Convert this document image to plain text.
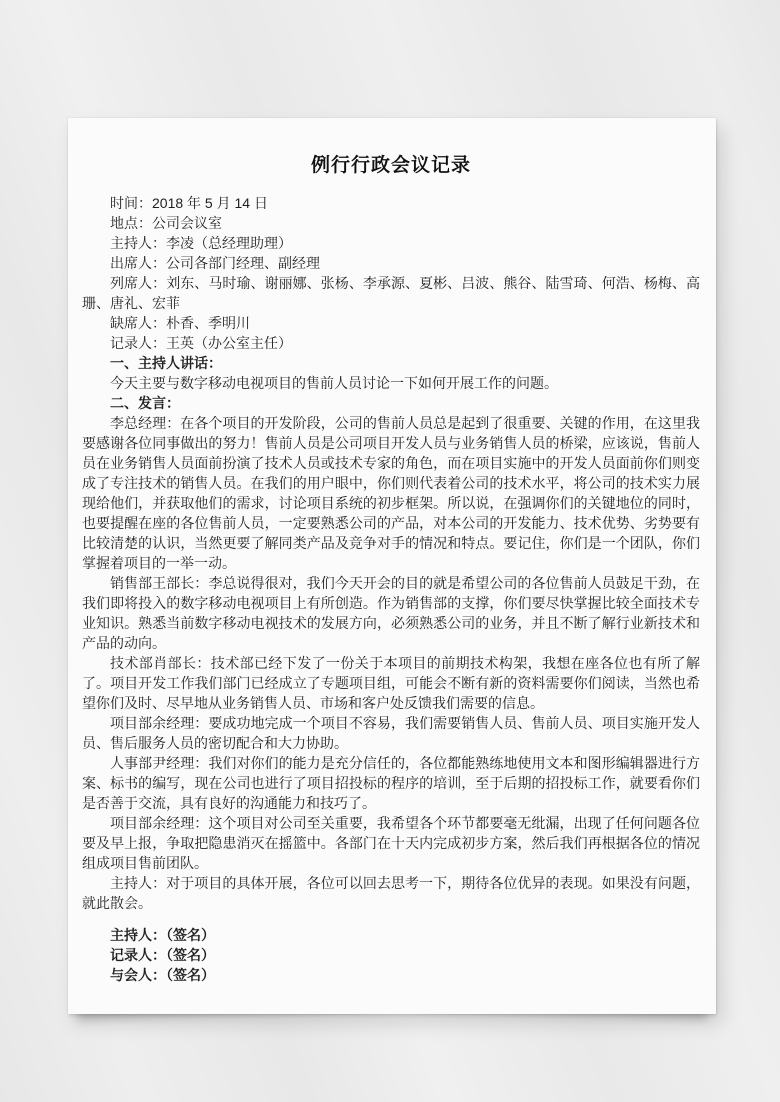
例行行政会议记录

时间：2018 年 5 月 14 日

地点：公司会议室

主持人：李凌（总经理助理）

出席人：公司各部门经理、副经理

列席人：刘东、马时瑜、谢丽娜、张杨、李承源、夏彬、吕波、熊谷、陆雪琦、何浩、杨梅、高珊、唐礼、宏菲

缺席人：朴香、季明川

记录人：王英（办公室主任）

一、主持人讲话：

今天主要与数字移动电视项目的售前人员讨论一下如何开展工作的问题。

二、发言：

李总经理：在各个项目的开发阶段，公司的售前人员总是起到了很重要、关键的作用，在这里我要感谢各位同事做出的努力！售前人员是公司项目开发人员与业务销售人员的桥梁，应该说，售前人员在业务销售人员面前扮演了技术人员或技术专家的角色，而在项目实施中的开发人员面前你们则变成了专注技术的销售人员。在我们的用户眼中，你们则代表着公司的技术水平，将公司的技术实力展现给他们，并获取他们的需求，讨论项目系统的初步框架。所以说，在强调你们的关键地位的同时，也要提醒在座的各位售前人员，一定要熟悉公司的产品，对本公司的开发能力、技术优势、劣势要有比较清楚的认识，当然更要了解同类产品及竞争对手的情况和特点。要记住，你们是一个团队，你们掌握着项目的一举一动。

销售部王部长：李总说得很对，我们今天开会的目的就是希望公司的各位售前人员鼓足干劲，在我们即将投入的数字移动电视项目上有所创造。作为销售部的支撑，你们要尽快掌握比较全面技术专业知识。熟悉当前数字移动电视技术的发展方向，必须熟悉公司的业务，并且不断了解行业新技术和产品的动向。

技术部肖部长：技术部已经下发了一份关于本项目的前期技术构架，我想在座各位也有所了解了。项目开发工作我们部门已经成立了专题项目组，可能会不断有新的资料需要你们阅读，当然也希望你们及时、尽早地从业务销售人员、市场和客户处反馈我们需要的信息。

项目部余经理：要成功地完成一个项目不容易，我们需要销售人员、售前人员、项目实施开发人员、售后服务人员的密切配合和大力协助。

人事部尹经理：我们对你们的能力是充分信任的，各位都能熟练地使用文本和图形编辑器进行方案、标书的编写，现在公司也进行了项目招投标的程序的培训，至于后期的招投标工作，就要看你们是否善于交流，具有良好的沟通能力和技巧了。

项目部余经理：这个项目对公司至关重要，我希望各个环节都要毫无纰漏，出现了任何问题各位要及早上报，争取把隐患消灭在摇篮中。各部门在十天内完成初步方案，然后我们再根据各位的情况组成项目售前团队。

主持人：对于项目的具体开展，各位可以回去思考一下，期待各位优异的表现。如果没有问题，就此散会。

主持人：（签名）

记录人：（签名）

与会人：（签名）
